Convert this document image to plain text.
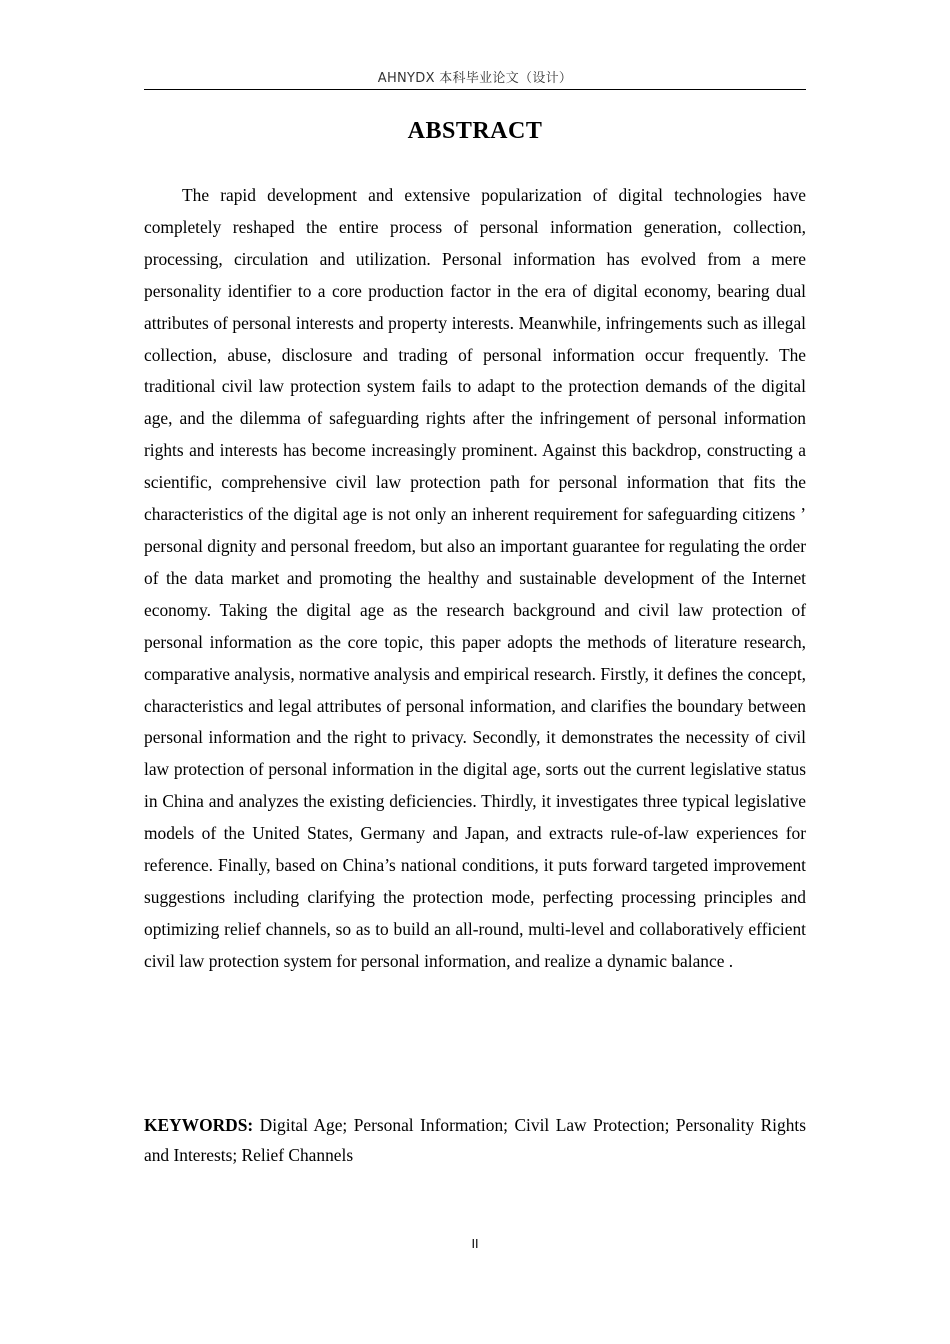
AHNYDX 本科毕业论文（设计）
ABSTRACT

The rapid development and extensive popularization of digital technologies have completely reshaped the entire process of personal information generation, collection, processing, circulation and utilization. Personal information has evolved from a mere personality identifier to a core production factor in the era of digital economy, bearing dual attributes of personal interests and property interests. Meanwhile, infringements such as illegal collection, abuse, disclosure and trading of personal information occur frequently. The traditional civil law protection system fails to adapt to the protection demands of the digital age, and the dilemma of safeguarding rights after the infringement of personal information rights and interests has become increasingly prominent. Against this backdrop, constructing a scientific, comprehensive civil law protection path for personal information that fits the characteristics of the digital age is not only an inherent requirement for safeguarding citizens ’ personal dignity and personal freedom, but also an important guarantee for regulating the order of the data market and promoting the healthy and sustainable development of the Internet economy. Taking the digital age as the research background and civil law protection of personal information as the core topic, this paper adopts the methods of literature research, comparative analysis, normative analysis and empirical research. Firstly, it defines the concept, characteristics and legal attributes of personal information, and clarifies the boundary between personal information and the right to privacy. Secondly, it demonstrates the necessity of civil law protection of personal information in the digital age, sorts out the current legislative status in China and analyzes the existing deficiencies. Thirdly, it investigates three typical legislative models of the United States, Germany and Japan, and extracts rule-of-law experiences for reference. Finally, based on China’s national conditions, it puts forward targeted improvement suggestions including clarifying the protection mode, perfecting processing principles and optimizing relief channels, so as to build an all-round, multi-level and collaboratively efficient civil law protection system for personal information, and realize a dynamic balance .

KEYWORDS: Digital Age; Personal Information; Civil Law Protection; Personality Rights and Interests; Relief Channels

II
